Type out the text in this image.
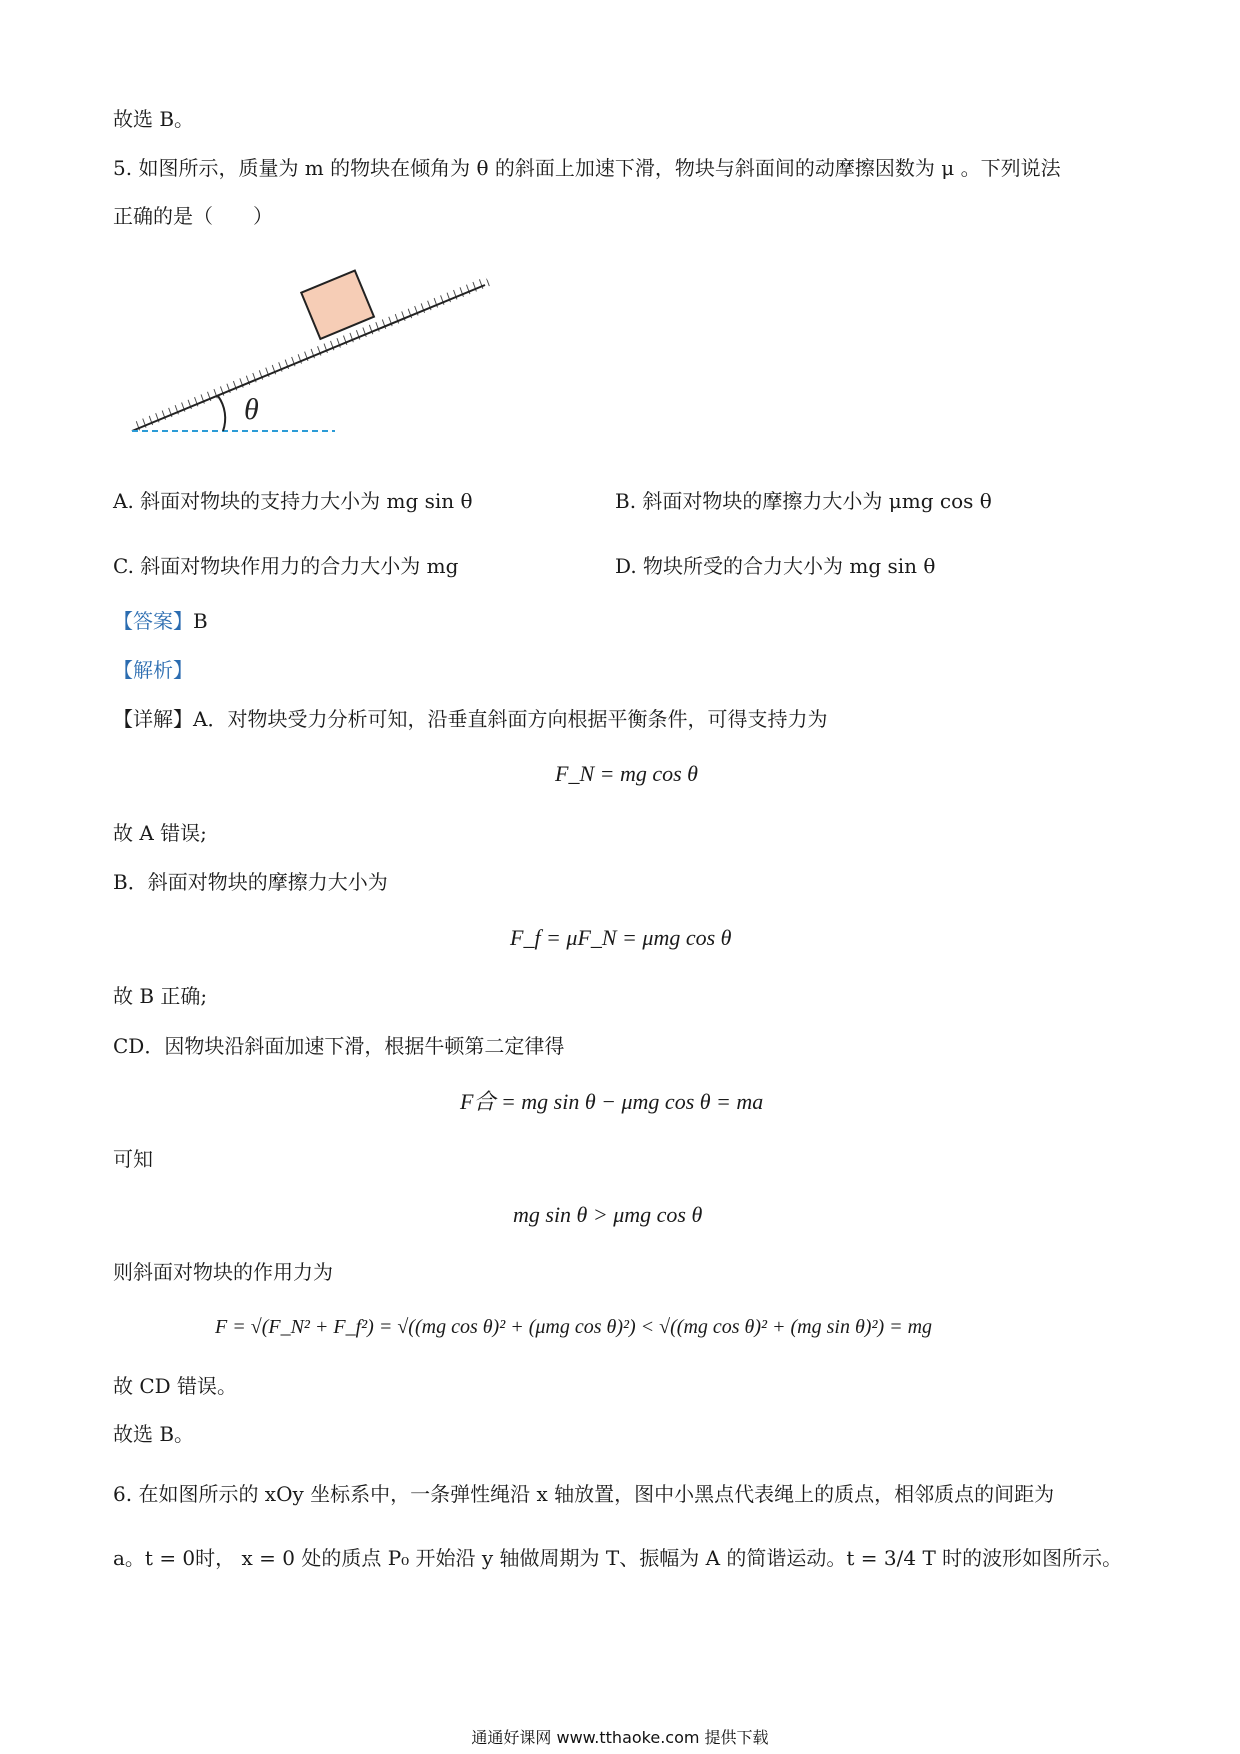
故选 B。
5. 如图所示，质量为 m 的物块在倾角为 θ 的斜面上加速下滑，物块与斜面间的动摩擦因数为 μ 。下列说法
正确的是（　　）
θ
A. 斜面对物块的支持力大小为 mg sin θ	B. 斜面对物块的摩擦力大小为 μmg cos θ
C. 斜面对物块作用力的合力大小为 mg	D. 物块所受的合力大小为 mg sin θ
【答案】B
【解析】
【详解】A．对物块受力分析可知，沿垂直斜面方向根据平衡条件，可得支持力为
F_N = mg cos θ
故 A 错误;
B．斜面对物块的摩擦力大小为
F_f = μF_N = μmg cos θ
故 B 正确;
CD．因物块沿斜面加速下滑，根据牛顿第二定律得
F合 = mg sin θ − μmg cos θ = ma
可知
mg sin θ > μmg cos θ
则斜面对物块的作用力为
F = √(F_N² + F_f²) = √((mg cos θ)² + (μmg cos θ)²) < √((mg cos θ)² + (mg sin θ)²) = mg
故 CD 错误。
故选 B。
6. 在如图所示的 xOy 坐标系中，一条弹性绳沿 x 轴放置，图中小黑点代表绳上的质点，相邻质点的间距为
a。t = 0时， x = 0 处的质点 P₀ 开始沿 y 轴做周期为 T、振幅为 A 的简谐运动。t = 3/4 T 时的波形如图所示。
通通好课网 www.tthaoke.com 提供下载
